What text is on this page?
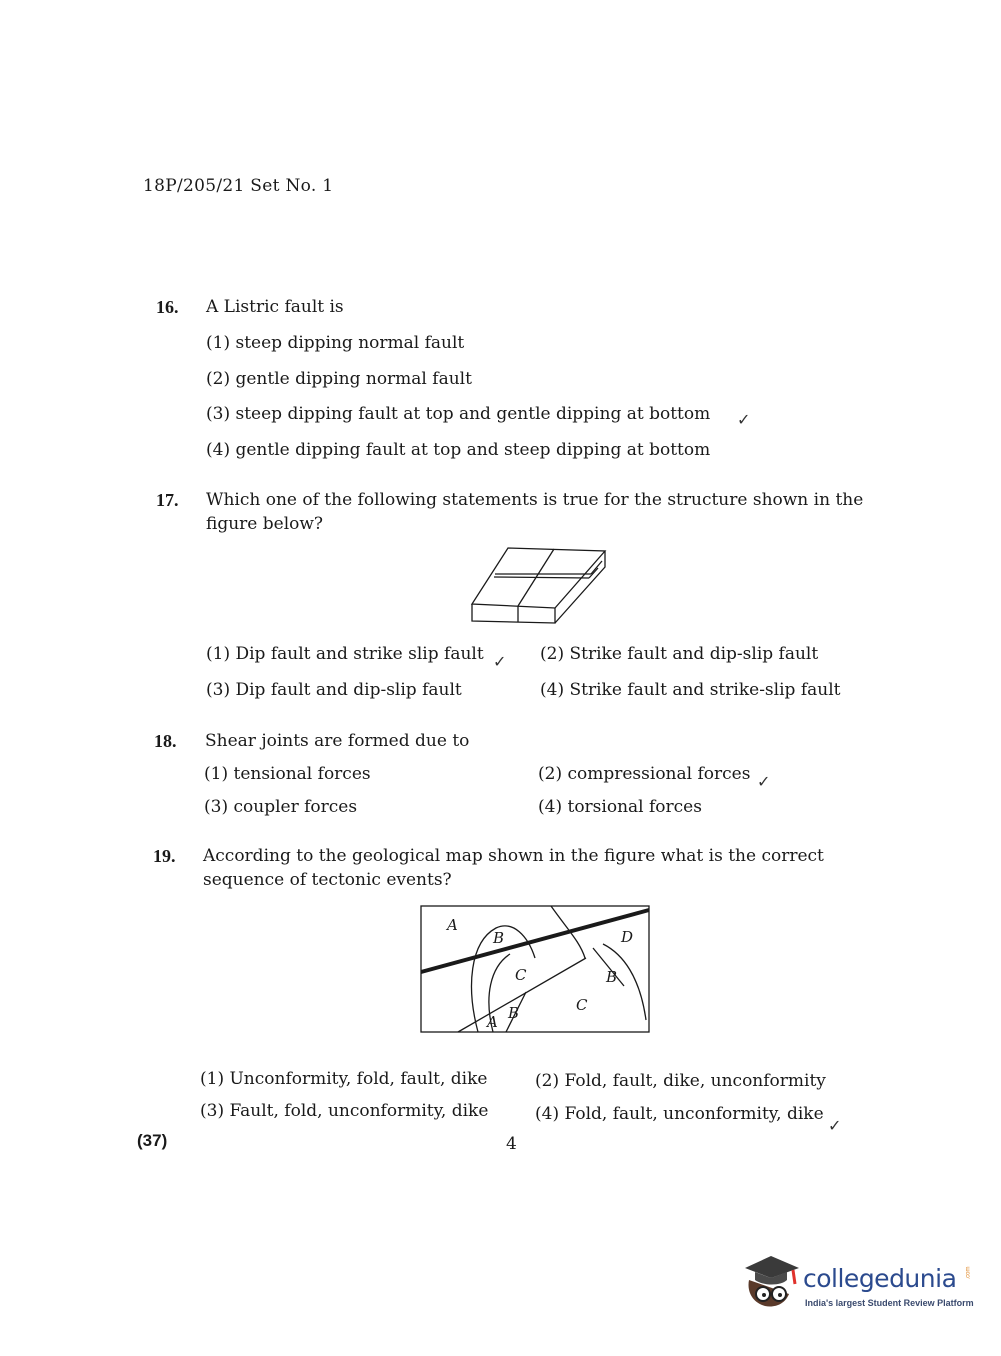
18P/205/21 Set No. 1
16. A Listric fault is
(1) steep dipping normal fault
(2) gentle dipping normal fault
(3) steep dipping fault at top and gentle dipping at bottom ✓
(4) gentle dipping fault at top and steep dipping at bottom
17. Which one of the following statements is true for the structure shown in the
figure below?
(1) Dip fault and strike slip fault ✓ (2) Strike fault and dip-slip fault
(3) Dip fault and dip-slip fault	(4) Strike fault and strike-slip fault
18. Shear joints are formed due to
(1) tensional forces	(2) compressional forces ✓
(3) coupler forces	(4) torsional forces
19. According to the geological map shown in the figure what is the correct
sequence of tectonic events?
A
B	D
C	B
C
A B
(1) Unconformity, fold, fault, dike	(2) Fold, fault, dike, unconformity
(3) Fault, fold, unconformity, dike	(4) Fold, fault, unconformity, dike
✓
(37)	4
collegedunia .com
India's largest Student Review Platform
